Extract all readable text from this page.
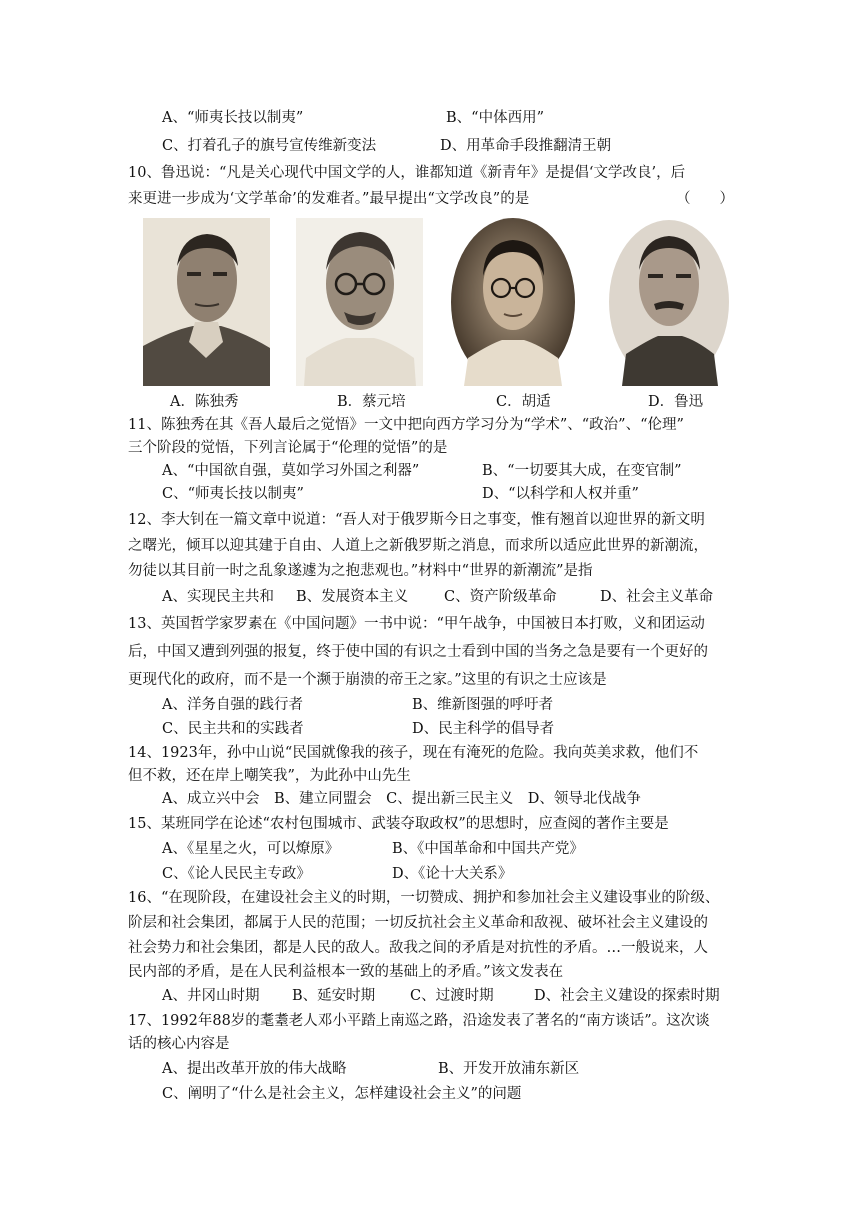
A、“师夷长技以制夷”	B、“中体西用”
C、打着孔子的旗号宣传维新变法	D、用革命手段推翻清王朝
10、鲁迅说：“凡是关心现代中国文学的人，谁都知道《新青年》是提倡‘文学改良’，后
来更进一步成为‘文学革命’的发难者。”最早提出“文学改良”的是	（　　）
A．陈独秀	B．蔡元培	C．胡适	D．鲁迅
11、陈独秀在其《吾人最后之觉悟》一文中把向西方学习分为“学术”、“政治”、“伦理”
三个阶段的觉悟，下列言论属于“伦理的觉悟”的是
A、“中国欲自强，莫如学习外国之利器”	B、“一切要其大成，在变官制”
C、“师夷长技以制夷”	D、“以科学和人权并重”
12、李大钊在一篇文章中说道：“吾人对于俄罗斯今日之事变，惟有翘首以迎世界的新文明
之曙光，倾耳以迎其建于自由、人道上之新俄罗斯之消息，而求所以适应此世界的新潮流，
勿徒以其目前一时之乱象遂遽为之抱悲观也。”材料中“世界的新潮流”是指
A、实现民主共和 B、发展资本主义 C、资产阶级革命	D、社会主义革命
13、英国哲学家罗素在《中国问题》一书中说：“甲午战争，中国被日本打败，义和团运动
后，中国又遭到列强的报复，终于使中国的有识之士看到中国的当务之急是要有一个更好的
更现代化的政府，而不是一个濒于崩溃的帝王之家。”这里的有识之士应该是
A、洋务自强的践行者	B、维新图强的呼吁者
C、民主共和的实践者	D、民主科学的倡导者
14、1923年，孙中山说“民国就像我的孩子，现在有淹死的危险。我向英美求救，他们不
但不救，还在岸上嘲笑我”，为此孙中山先生
A、成立兴中会　B、建立同盟会　C、提出新三民主义　D、领导北伐战争
15、某班同学在论述“农村包围城市、武装夺取政权”的思想时，应查阅的著作主要是
A、《星星之火，可以燎原》	B、《中国革命和中国共产党》
C、《论人民民主专政》	D、《论十大关系》
16、“在现阶段，在建设社会主义的时期，一切赞成、拥护和参加社会主义建设事业的阶级、
阶层和社会集团，都属于人民的范围；一切反抗社会主义革命和敌视、破坏社会主义建设的
社会势力和社会集团，都是人民的敌人。敌我之间的矛盾是对抗性的矛盾。…一般说来，人
民内部的矛盾，是在人民利益根本一致的基础上的矛盾。”该文发表在
A、井冈山时期 B、延安时期 C、过渡时期	D、社会主义建设的探索时期
17、1992年88岁的耄耋老人邓小平踏上南巡之路，沿途发表了著名的“南方谈话”。这次谈
话的核心内容是
A、提出改革开放的伟大战略	B、开发开放浦东新区
C、阐明了“什么是社会主义，怎样建设社会主义”的问题
